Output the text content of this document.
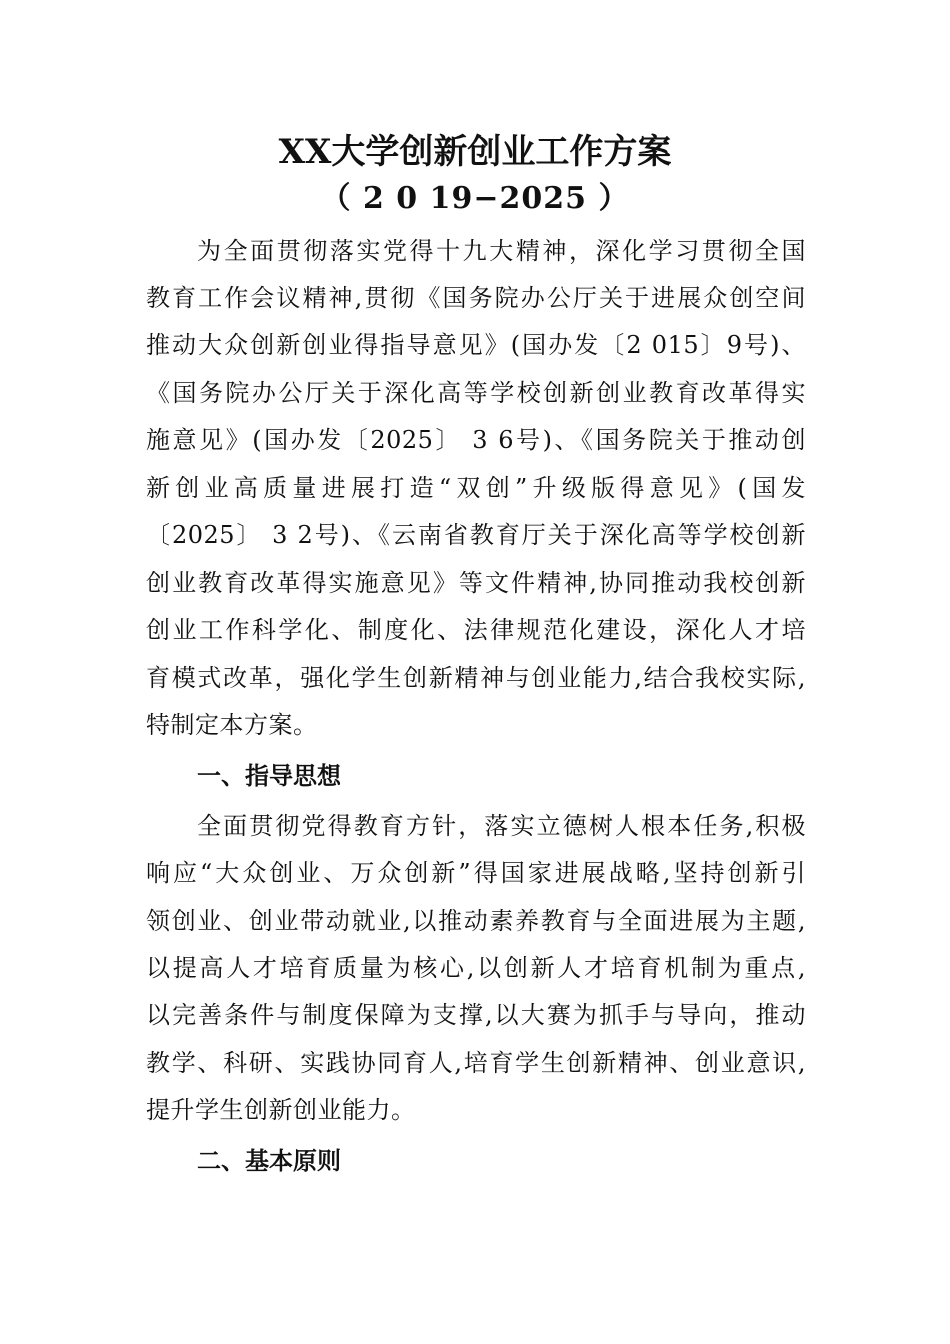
XX大学创新创业工作方案
（ 2 0 19−2025 ）
为全面贯彻落实党得十九大精神，深化学习贯彻全国
教育工作会议精神,贯彻《国务院办公厅关于进展众创空间
推动大众创新创业得指导意见》(国办发〔2 015〕9号)、
《国务院办公厅关于深化高等学校创新创业教育改革得实
施意见》(国办发〔2025〕 3 6号)、《国务院关于推动创
新创业高质量进展打造“双创”升级版得意见》(国发
〔2025〕 3 2号)、《云南省教育厅关于深化高等学校创新
创业教育改革得实施意见》等文件精神,协同推动我校创新
创业工作科学化、制度化、法律规范化建设，深化人才培
育模式改革，强化学生创新精神与创业能力,结合我校实际,
特制定本方案。
一、指导思想
全面贯彻党得教育方针，落实立德树人根本任务,积极
响应“大众创业、万众创新”得国家进展战略,坚持创新引
领创业、创业带动就业,以推动素养教育与全面进展为主题,
以提高人才培育质量为核心,以创新人才培育机制为重点,
以完善条件与制度保障为支撑,以大赛为抓手与导向，推动
教学、科研、实践协同育人,培育学生创新精神、创业意识,
提升学生创新创业能力。
二、基本原则
